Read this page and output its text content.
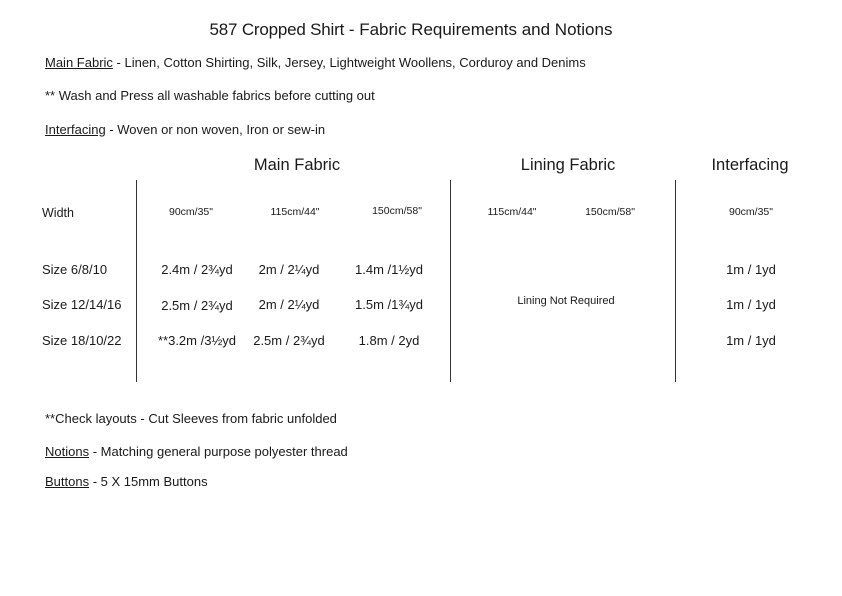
587 Cropped Shirt - Fabric Requirements and Notions
Main Fabric - Linen, Cotton Shirting, Silk, Jersey, Lightweight Woollens, Corduroy and Denims
** Wash and Press all washable fabrics before cutting out
Interfacing - Woven or non woven, Iron or sew-in
Main Fabric	Lining Fabric	Interfacing
Width	90cm/35"	115cm/44"	150cm/58"	115cm/44"	150cm/58"	90cm/35"
Size 6/8/10	2.4m / 2¾yd	2m / 2¼yd	1.4m /1½yd	1m / 1yd
Size 12/14/16	2.5m / 2¾yd	2m / 2¼yd	1.5m /1¾yd	1m / 1yd
Size 18/10/22	**3.2m /3½yd	2.5m / 2¾yd	1.8m / 2yd	1m / 1yd
Lining Not Required
**Check layouts - Cut Sleeves from fabric unfolded
Notions - Matching general purpose polyester thread
Buttons - 5 X 15mm Buttons
